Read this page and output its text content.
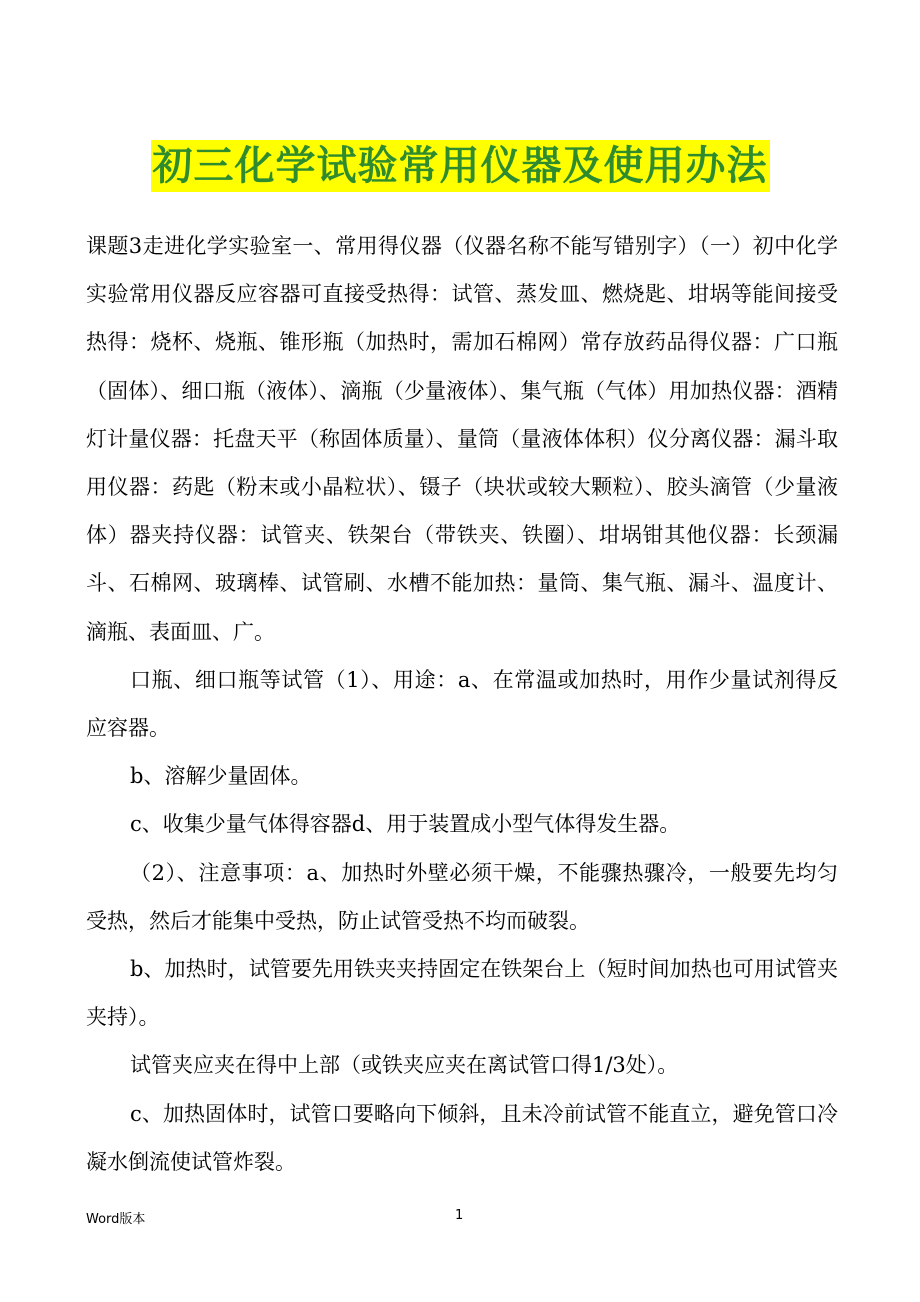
初三化学试验常用仪器及使用办法

课题3走进化学实验室一、常用得仪器（仪器名称不能写错别字）（一）初中化学实验常用仪器反应容器可直接受热得：试管、蒸发皿、燃烧匙、坩埚等能间接受热得：烧杯、烧瓶、锥形瓶（加热时，需加石棉网）常存放药品得仪器：广口瓶（固体）、细口瓶（液体）、滴瓶（少量液体）、集气瓶（气体）用加热仪器：酒精灯计量仪器：托盘天平（称固体质量）、量筒（量液体体积）仪分离仪器：漏斗取用仪器：药匙（粉末或小晶粒状）、镊子（块状或较大颗粒）、胶头滴管（少量液体）器夹持仪器：试管夹、铁架台（带铁夹、铁圈）、坩埚钳其他仪器：长颈漏斗、石棉网、玻璃棒、试管刷、水槽不能加热：量筒、集气瓶、漏斗、温度计、滴瓶、表面皿、广。

口瓶、细口瓶等试管（1）、用途：a、在常温或加热时，用作少量试剂得反应容器。

b、溶解少量固体。

c、收集少量气体得容器d、用于装置成小型气体得发生器。

（2）、注意事项：a、加热时外壁必须干燥，不能骤热骤冷，一般要先均匀受热，然后才能集中受热，防止试管受热不均而破裂。

b、加热时，试管要先用铁夹夹持固定在铁架台上（短时间加热也可用试管夹夹持）。

试管夹应夹在得中上部（或铁夹应夹在离试管口得1/3处）。

c、加热固体时，试管口要略向下倾斜，且未冷前试管不能直立，避免管口冷凝水倒流使试管炸裂。

Word版本	1
